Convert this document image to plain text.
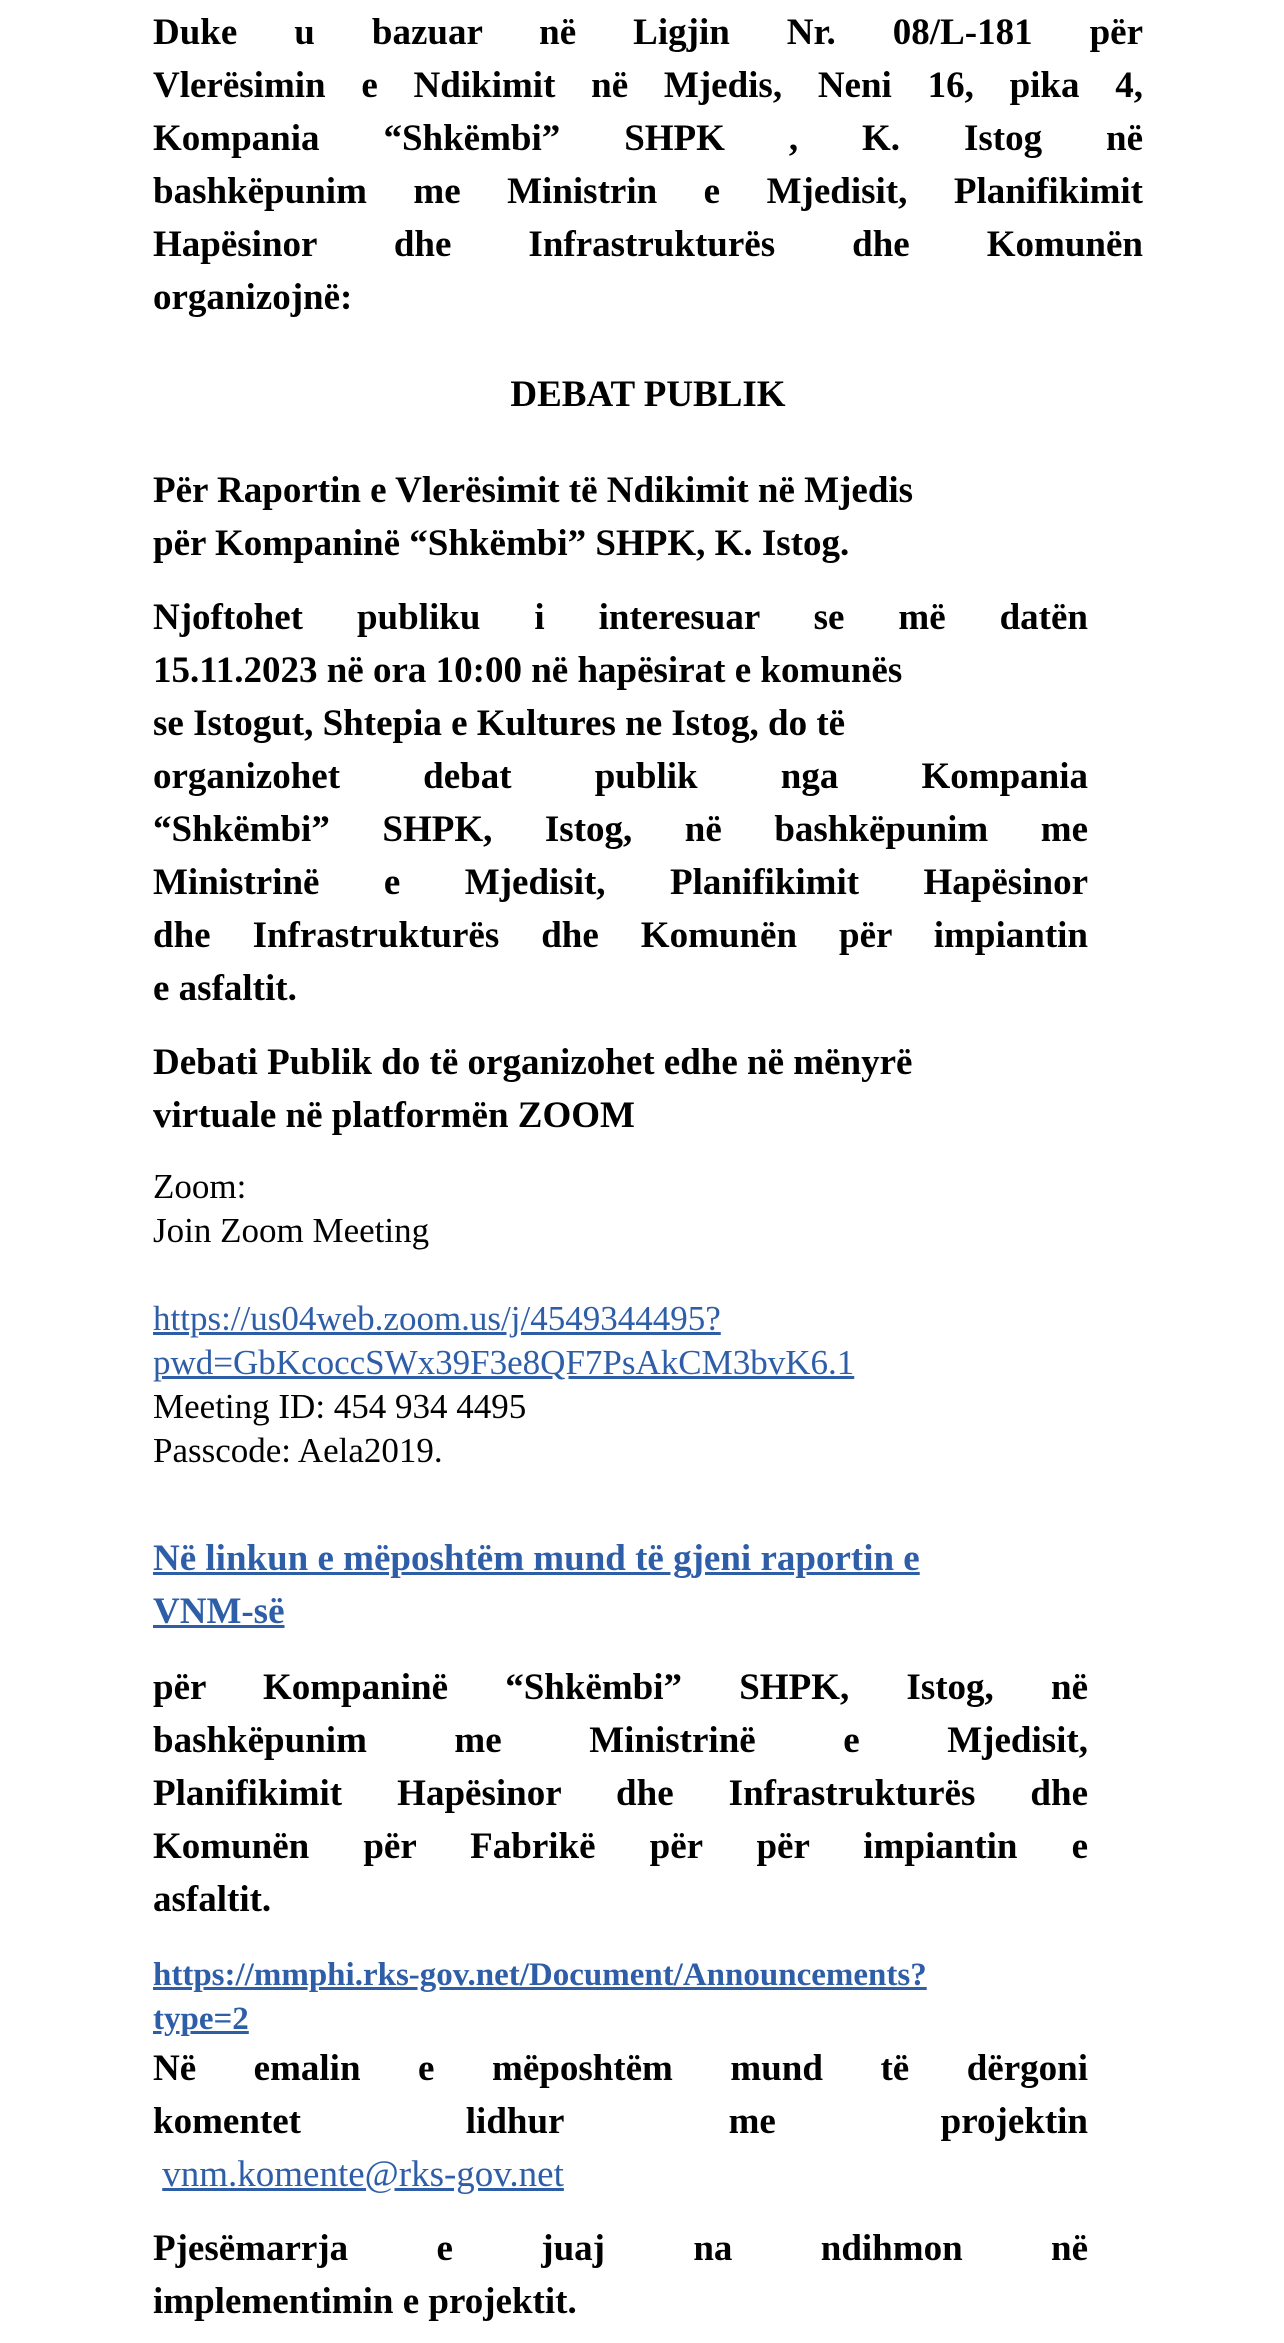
Duke u bazuar në Ligjin Nr. 08/L-181 për
Vlerësimin e Ndikimit në Mjedis, Neni 16, pika 4,
Kompania “Shkëmbi” SHPK , K. Istog në
bashkëpunim me Ministrin e Mjedisit, Planifikimit
Hapësinor dhe Infrastrukturës dhe Komunën
organizojnë:
DEBAT PUBLIK
Për Raportin e Vlerësimit të Ndikimit në Mjedis
për Kompaninë “Shkëmbi” SHPK, K. Istog.
Njoftohet publiku i interesuar se më datën
15.11.2023 në ora 10:00 në hapësirat e komunës
se Istogut, Shtepia e Kultures ne Istog, do të
organizohet debat publik nga Kompania
“Shkëmbi” SHPK, Istog, në bashkëpunim me
Ministrinë e Mjedisit, Planifikimit Hapësinor
dhe Infrastrukturës dhe Komunën për impiantin
e asfaltit.
Debati Publik do të organizohet edhe në mënyrë
virtuale në platformën ZOOM
Zoom:
Join Zoom Meeting
https://us04web.zoom.us/j/4549344495?
pwd=GbKcoccSWx39F3e8QF7PsAkCM3bvK6.1
Meeting ID: 454 934 4495
Passcode: Aela2019.
Në linkun e mëposhtëm mund të gjeni raportin e
VNM-së
për Kompaninë “Shkëmbi” SHPK, Istog, në
bashkëpunim me Ministrinë e Mjedisit,
Planifikimit Hapësinor dhe Infrastrukturës dhe
Komunën për Fabrikë për për impiantin e
asfaltit.
https://mmphi.rks-gov.net/Document/Announcements?
type=2
Në emalin e mëposhtëm mund të dërgoni
komentet lidhur me projektin
vnm.komente@rks-gov.net
Pjesëmarrja e juaj na ndihmon në
implementimin e projektit.
